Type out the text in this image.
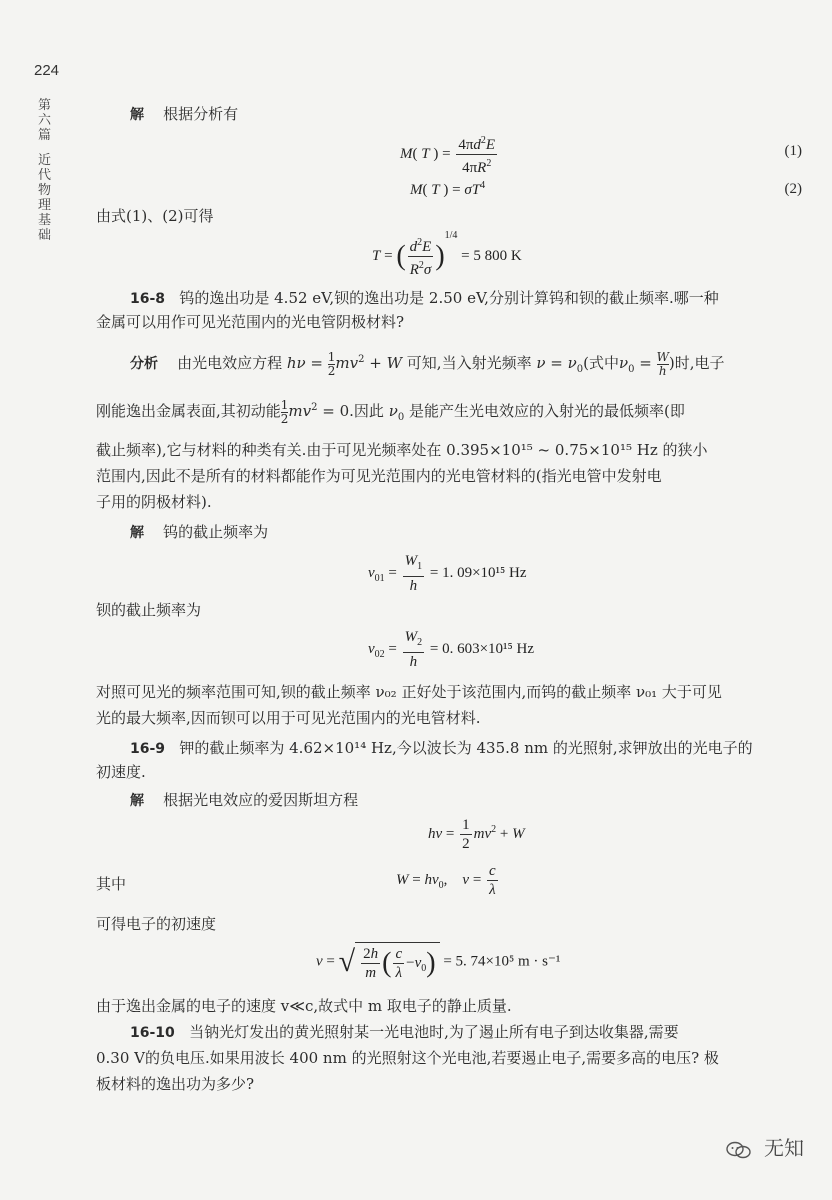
224
第
六
篇
近
代
物
理
基
础
解 根据分析有
M( T ) = $\frac{4\pi d^2E}{4\pi R^2}$	(1)
M( T ) = $\sigma T^4$	(2)
由式(1)、(2)可得
T = ( $\frac{d^2E}{R^2\sigma} )^{1/4} = 5$ 800 K
16-8 钨的逸出功是 4.52 eV,钡的逸出功是 2.50 eV,分别计算钨和钡的截止频率.哪一种
金属可以用作可见光范围内的光电管阴极材料?
分析 由光电效应方程 $h\nu = \frac{1}{2} mv^2 + W$ 可知,当入射光频率 $\nu = \nu_0$(式中$\nu_0 = \frac{W}{h}$ )时,电子
刚能逸出金属表面,其初动能 $\frac{1}{2} mv^2 = 0$.因此 $\nu_0$ 是能产生光电效应的入射光的最低频率(即
截止频率),它与材料的种类有关.由于可见光频率处在 0.395×10¹⁵ ~ 0.75×10¹⁵ Hz 的狭小
范围内,因此不是所有的材料都能作为可见光范围内的光电管材料的(指光电管中发射电
子用的阴极材料).
解 钨的截止频率为
$\nu_{01} = \frac{W_1}{h} = 1$. 09×10¹⁵ Hz
钡的截止频率为
$\nu_{02} = \frac{W_2}{h} = 0$. 603×10¹⁵ Hz
对照可见光的频率范围可知,钡的截止频率 ν₀₂ 正好处于该范围内,而钨的截止频率 ν₀₁ 大于可见
光的最大频率,因而钡可以用于可见光范围内的光电管材料.
16-9 钾的截止频率为 4.62×10¹⁴ Hz,今以波长为 435.8 nm 的光照射,求钾放出的光电子的
初速度.
解 根据光电效应的爱因斯坦方程
$h\nu = \frac{1}{2} mv^2 + W$
其中	$W = h\nu_0$,    $\nu = \frac{c}{\lambda}$
可得电子的初速度
v = √ $\frac{2h}{m}$ ( $\frac{c}{\lambda} -\nu_0) = 5$. 74×10⁵ m · s⁻¹
由于逸出金属的电子的速度 v≪c,故式中 m 取电子的静止质量.
16-10 当钠光灯发出的黄光照射某一光电池时,为了遏止所有电子到达收集器,需要
0.30 V的负电压.如果用波长 400 nm 的光照射这个光电池,若要遏止电子,需要多高的电压? 极
板材料的逸出功为多少?
无知
